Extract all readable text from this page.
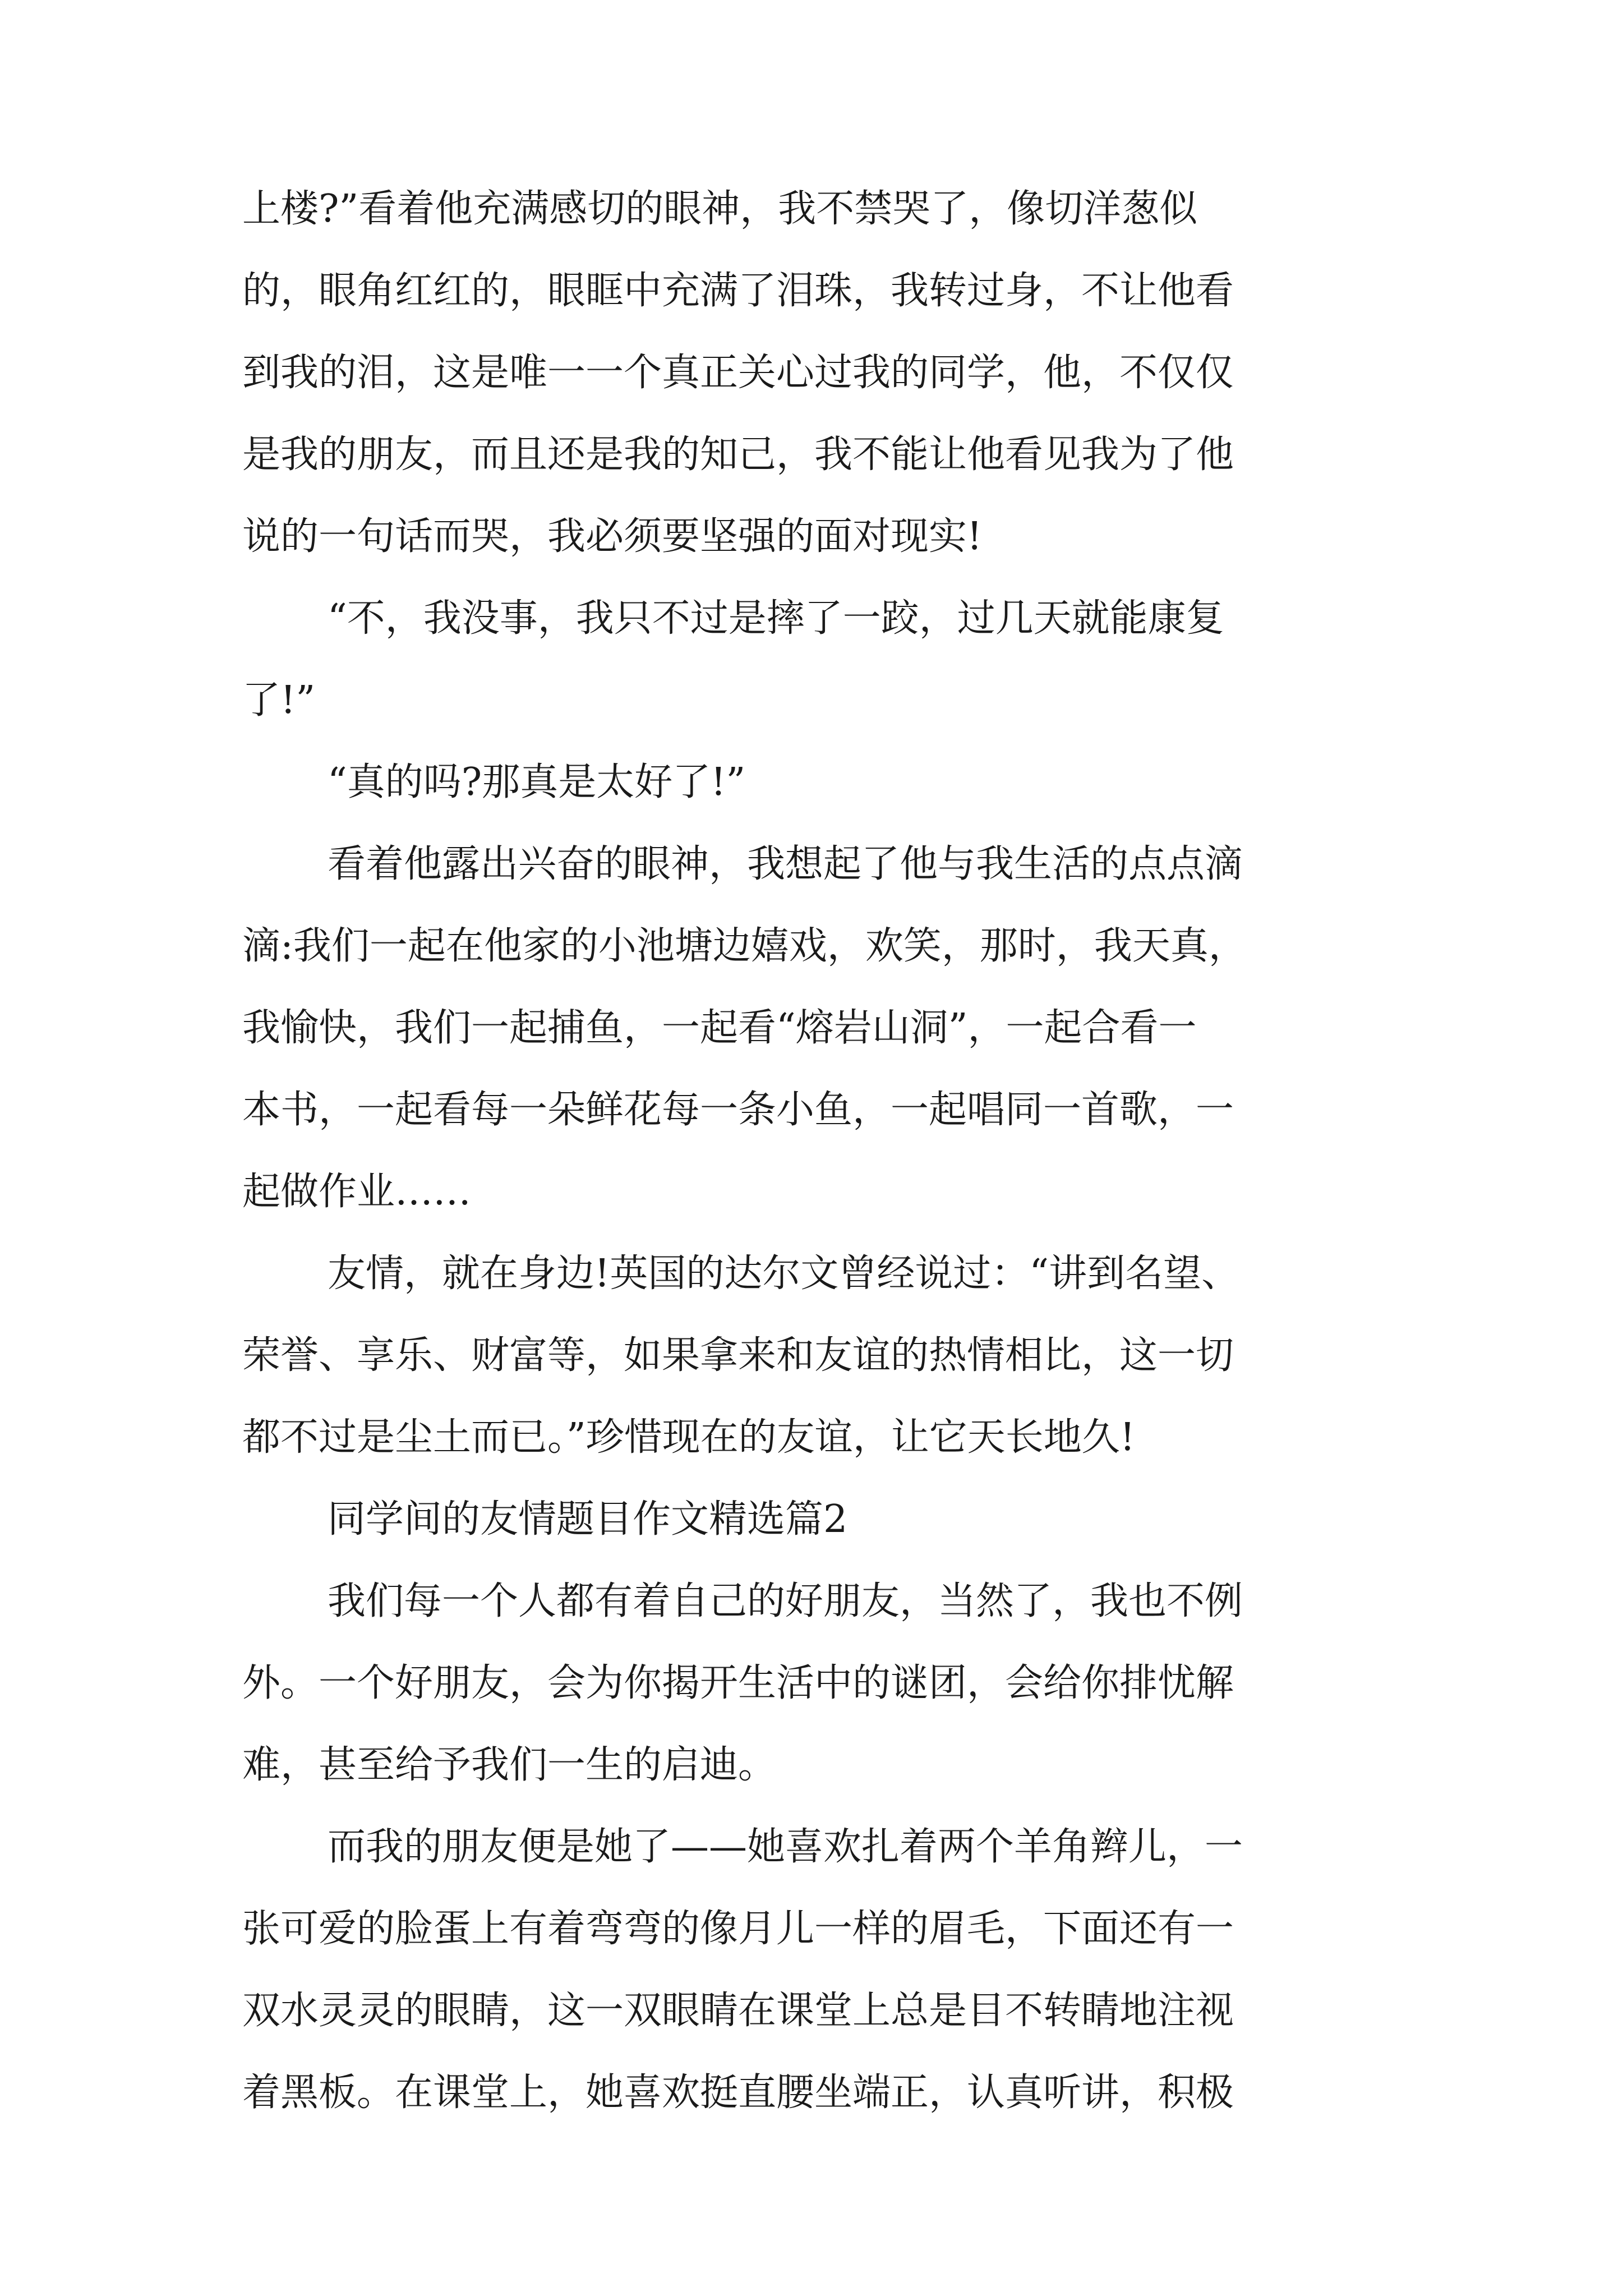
上楼?”看着他充满感切的眼神，我不禁哭了，像切洋葱似
的，眼角红红的，眼眶中充满了泪珠，我转过身，不让他看
到我的泪，这是唯一一个真正关心过我的同学，他，不仅仅
是我的朋友，而且还是我的知己，我不能让他看见我为了他
说的一句话而哭，我必须要坚强的面对现实!
“不，我没事，我只不过是摔了一跤，过几天就能康复
了!”
“真的吗?那真是太好了!”
看着他露出兴奋的眼神，我想起了他与我生活的点点滴
滴:我们一起在他家的小池塘边嬉戏，欢笑，那时，我天真，
我愉快，我们一起捕鱼，一起看“熔岩山洞”，一起合看一
本书，一起看每一朵鲜花每一条小鱼，一起唱同一首歌，一
起做作业……
友情，就在身边!英国的达尔文曾经说过：“讲到名望、
荣誉、享乐、财富等，如果拿来和友谊的热情相比，这一切
都不过是尘土而已。”珍惜现在的友谊，让它天长地久!
同学间的友情题目作文精选篇2
我们每一个人都有着自己的好朋友，当然了，我也不例
外。一个好朋友，会为你揭开生活中的谜团，会给你排忧解
难，甚至给予我们一生的启迪。
而我的朋友便是她了——她喜欢扎着两个羊角辫儿，一
张可爱的脸蛋上有着弯弯的像月儿一样的眉毛，下面还有一
双水灵灵的眼睛，这一双眼睛在课堂上总是目不转睛地注视
着黑板。在课堂上，她喜欢挺直腰坐端正，认真听讲，积极
